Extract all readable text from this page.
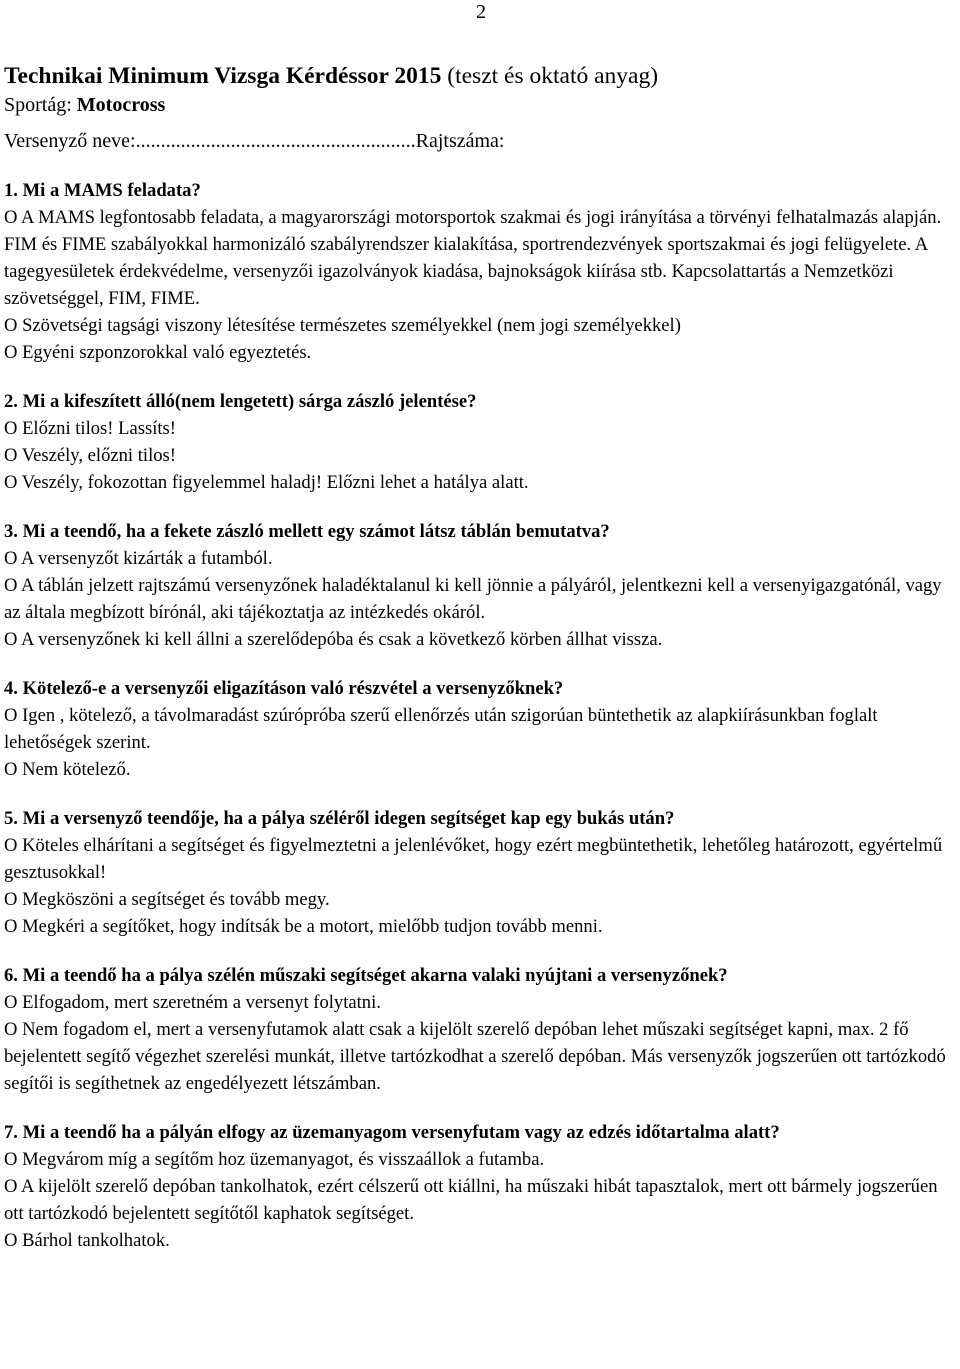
2
Technikai Minimum Vizsga Kérdéssor 2015 (teszt és oktató anyag)
Sportág: Motocross
Versenyző neve:........................................................Rajtszáma:
1. Mi a MAMS feladata?
O A MAMS legfontosabb feladata, a magyarországi motorsportok szakmai és jogi irányítása a törvényi felhatalmazás alapján.
FIM és FIME szabályokkal harmonizáló szabályrendszer kialakítása, sportrendezvények sportszakmai és jogi felügyelete. A tagegyesületek érdekvédelme, versenyzői igazolványok kiadása, bajnokságok kiírása stb. Kapcsolattartás a Nemzetközi szövetséggel, FIM, FIME.
O Szövetségi tagsági viszony létesítése természetes személyekkel (nem jogi személyekkel)
O Egyéni szponzorokkal való egyeztetés.
2. Mi a kifeszített álló(nem lengetett) sárga zászló jelentése?
O Előzni tilos! Lassíts!
O Veszély, előzni tilos!
O Veszély, fokozottan figyelemmel haladj! Előzni lehet a hatálya alatt.
3. Mi a teendő, ha a fekete zászló mellett egy számot látsz táblán bemutatva?
O A versenyzőt kizárták a futamból.
O A táblán jelzett rajtszámú versenyzőnek haladéktalanul ki kell jönnie a pályáról, jelentkezni kell a versenyigazgatónál, vagy az általa megbízott bírónál, aki tájékoztatja az intézkedés okáról.
O A versenyzőnek ki kell állni a szerelődepóba és csak a következő körben állhat vissza.
4. Kötelező-e a versenyzői eligazításon való részvétel a versenyzőknek?
O Igen , kötelező, a távolmaradást szúrópróba szerű ellenőrzés után szigorúan büntethetik az alapkiírásunkban foglalt lehetőségek szerint.
O Nem kötelező.
5. Mi a versenyző teendője, ha a pálya széléről idegen segítséget kap egy bukás után?
O Köteles elhárítani a segítséget és figyelmeztetni a jelenlévőket, hogy ezért megbüntethetik, lehetőleg határozott, egyértelmű gesztusokkal!
O Megköszöni a segítséget és tovább megy.
O Megkéri a segítőket, hogy indítsák be a motort, mielőbb tudjon tovább menni.
6. Mi a teendő ha a pálya szélén műszaki segítséget akarna valaki nyújtani a versenyzőnek?
O Elfogadom, mert szeretném a versenyt folytatni.
O Nem fogadom el, mert a versenyfutamok alatt csak a kijelölt szerelő depóban lehet műszaki segítséget kapni, max. 2 fő bejelentett segítő végezhet szerelési munkát, illetve tartózkodhat a szerelő depóban. Más versenyzők jogszerűen ott tartózkodó segítői is segíthetnek az engedélyezett létszámban.
7. Mi a teendő ha a pályán elfogy az üzemanyagom versenyfutam vagy az edzés időtartalma alatt?
O Megvárom míg a segítőm hoz üzemanyagot, és visszaállok a futamba.
O A kijelölt szerelő depóban tankolhatok, ezért célszerű ott kiállni, ha műszaki hibát tapasztalok, mert ott bármely jogszerűen ott tartózkodó bejelentett segítőtől kaphatok segítséget.
O Bárhol tankolhatok.
